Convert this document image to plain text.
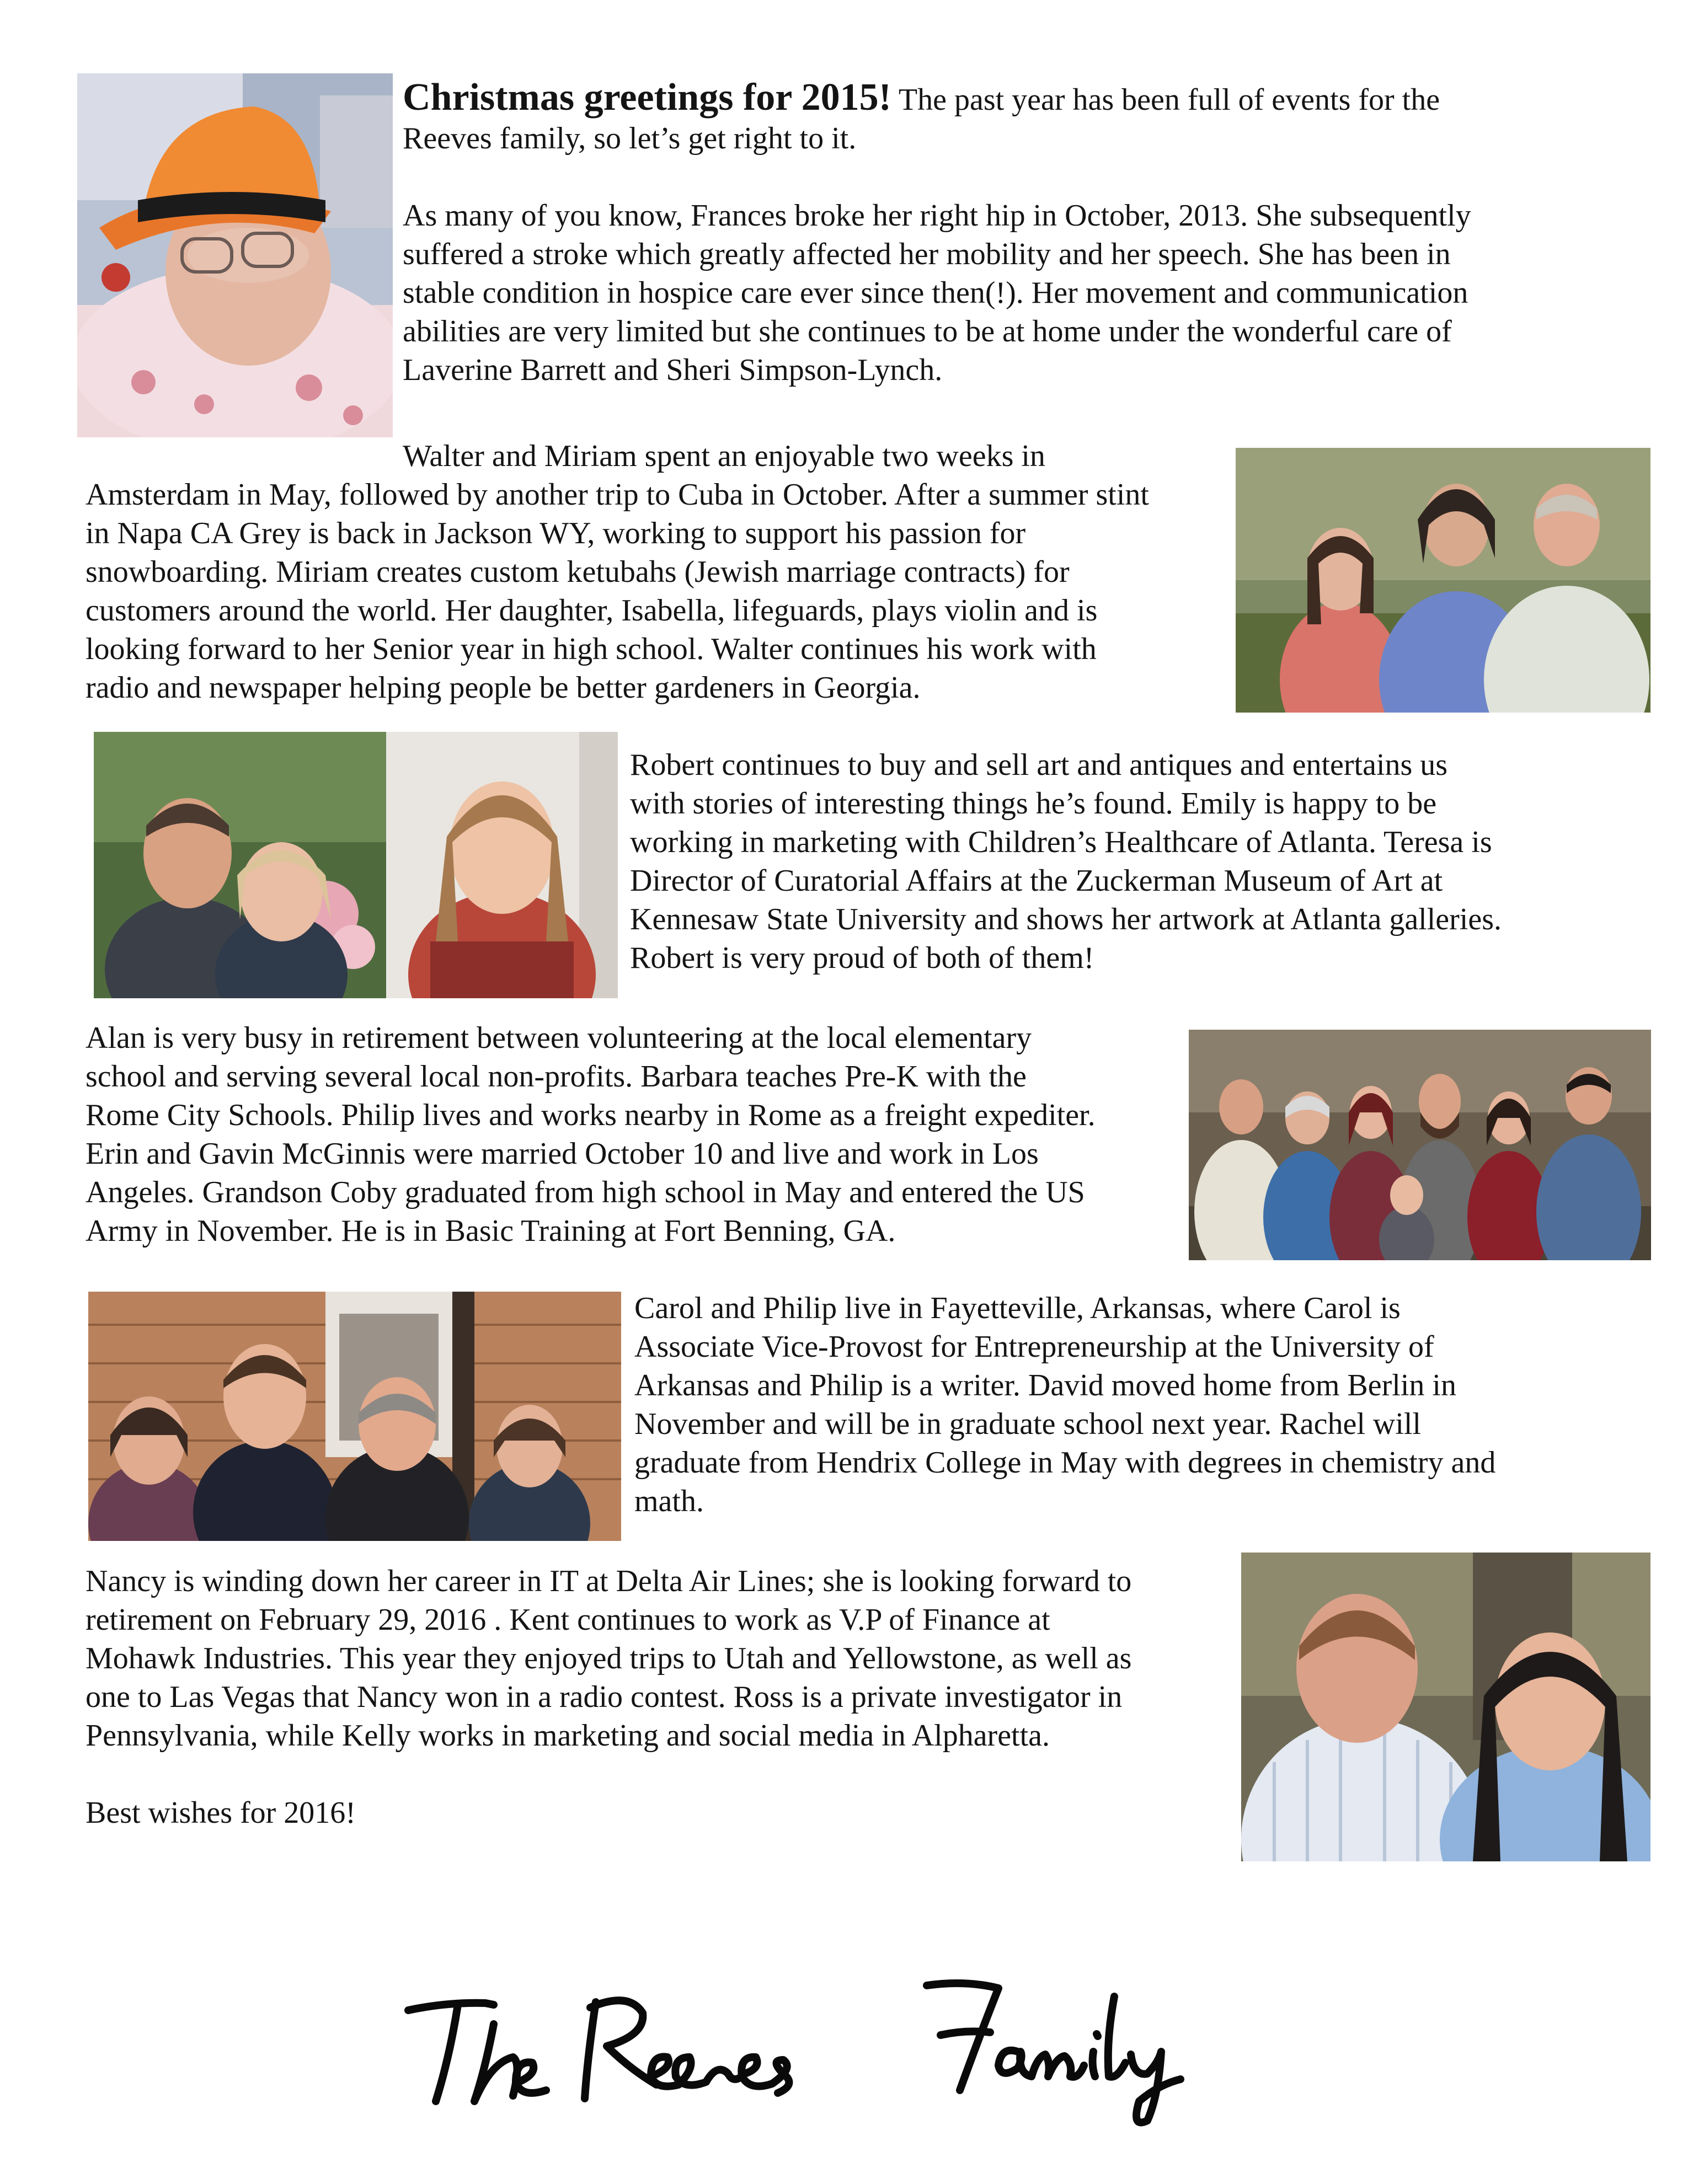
Christmas greetings for 2015! The past year has been full of events for the

Reeves family, so let’s get right to it.

As many of you know, Frances broke her right hip in October, 2013. She subsequently

suffered a stroke which greatly affected her mobility and her speech. She has been in

stable condition in hospice care ever since then(!). Her movement and communication

abilities are very limited but she continues to be at home under the wonderful care of

Laverine Barrett and Sheri Simpson-Lynch.

Walter and Miriam spent an enjoyable two weeks in

Amsterdam in May, followed by another trip to Cuba in October. After a summer stint

in Napa CA Grey is back in Jackson WY, working to support his passion for

snowboarding. Miriam creates custom ketubahs (Jewish marriage contracts) for

customers around the world. Her daughter, Isabella, lifeguards, plays violin and is

looking forward to her Senior year in high school. Walter continues his work with

radio and newspaper helping people be better gardeners in Georgia.

Robert continues to buy and sell art and antiques and entertains us

with stories of interesting things he’s found. Emily is happy to be

working in marketing with Children’s Healthcare of Atlanta. Teresa is

Director of Curatorial Affairs at the Zuckerman Museum of Art at

Kennesaw State University and shows her artwork at Atlanta galleries.

Robert is very proud of both of them!

Alan is very busy in retirement between volunteering at the local elementary

school and serving several local non-profits. Barbara teaches Pre-K with the

Rome City Schools. Philip lives and works nearby in Rome as a freight expediter.

Erin and Gavin McGinnis were married October 10 and live and work in Los

Angeles. Grandson Coby graduated from high school in May and entered the US

Army in November. He is in Basic Training at Fort Benning, GA.

Carol and Philip live in Fayetteville, Arkansas, where Carol is

Associate Vice-Provost for Entrepreneurship at the University of

Arkansas and Philip is a writer. David moved home from Berlin in

November and will be in graduate school next year. Rachel will

graduate from Hendrix College in May with degrees in chemistry and

math.

Nancy is winding down her career in IT at Delta Air Lines; she is looking forward to

retirement on February 29, 2016 . Kent continues to work as V.P of Finance at

Mohawk Industries. This year they enjoyed trips to Utah and Yellowstone, as well as

one to Las Vegas that Nancy won in a radio contest. Ross is a private investigator in

Pennsylvania, while Kelly works in marketing and social media in Alpharetta.

Best wishes for 2016!
